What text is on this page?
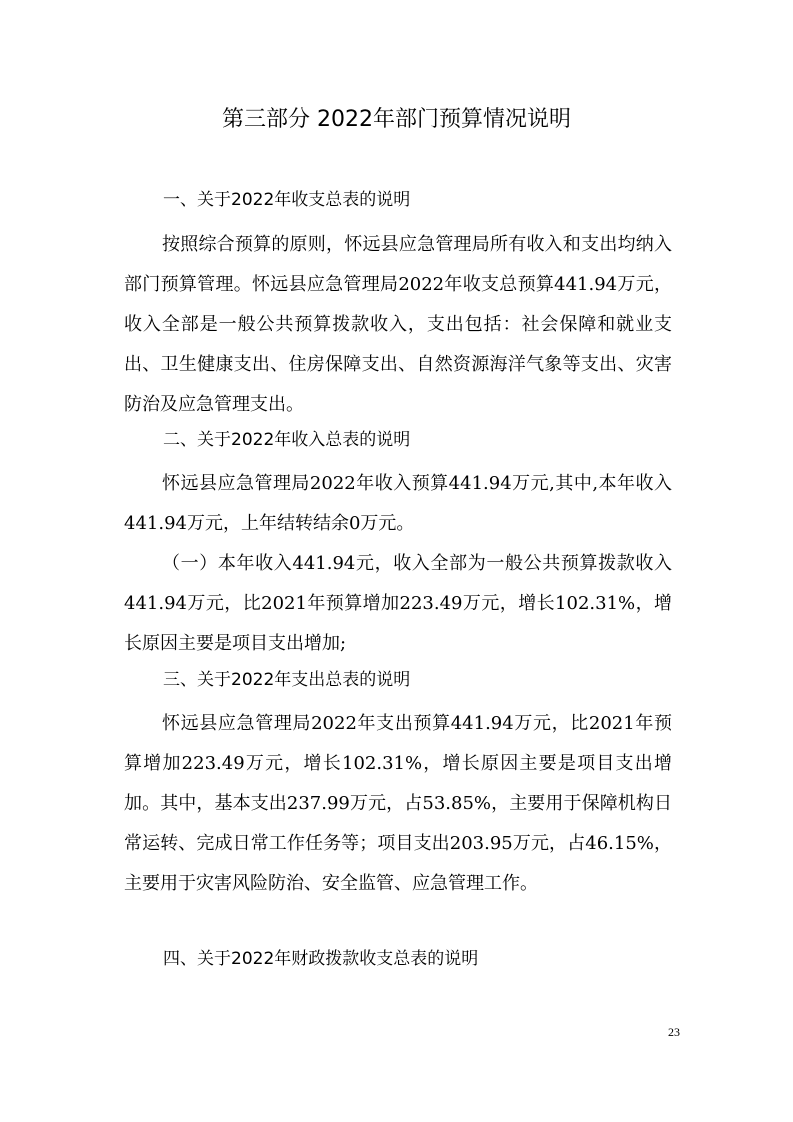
第三部分 2022年部门预算情况说明
一、关于2022年收支总表的说明

按照综合预算的原则，怀远县应急管理局所有收入和支出均纳入部门预算管理。怀远县应急管理局2022年收支总预算441.94万元，收入全部是一般公共预算拨款收入，支出包括：社会保障和就业支出、卫生健康支出、住房保障支出、自然资源海洋气象等支出、灾害防治及应急管理支出。

二、关于2022年收入总表的说明

怀远县应急管理局2022年收入预算441.94万元,其中,本年收入441.94万元，上年结转结余0万元。

（一）本年收入441.94元，收入全部为一般公共预算拨款收入441.94万元，比2021年预算增加223.49万元，增长102.31%，增长原因主要是项目支出增加;

三、关于2022年支出总表的说明

怀远县应急管理局2022年支出预算441.94万元，比2021年预算增加223.49万元，增长102.31%，增长原因主要是项目支出增加。其中，基本支出237.99万元，占53.85%，主要用于保障机构日常运转、完成日常工作任务等；项目支出203.95万元，占46.15%，主要用于灾害风险防治、安全监管、应急管理工作。

四、关于2022年财政拨款收支总表的说明
23
